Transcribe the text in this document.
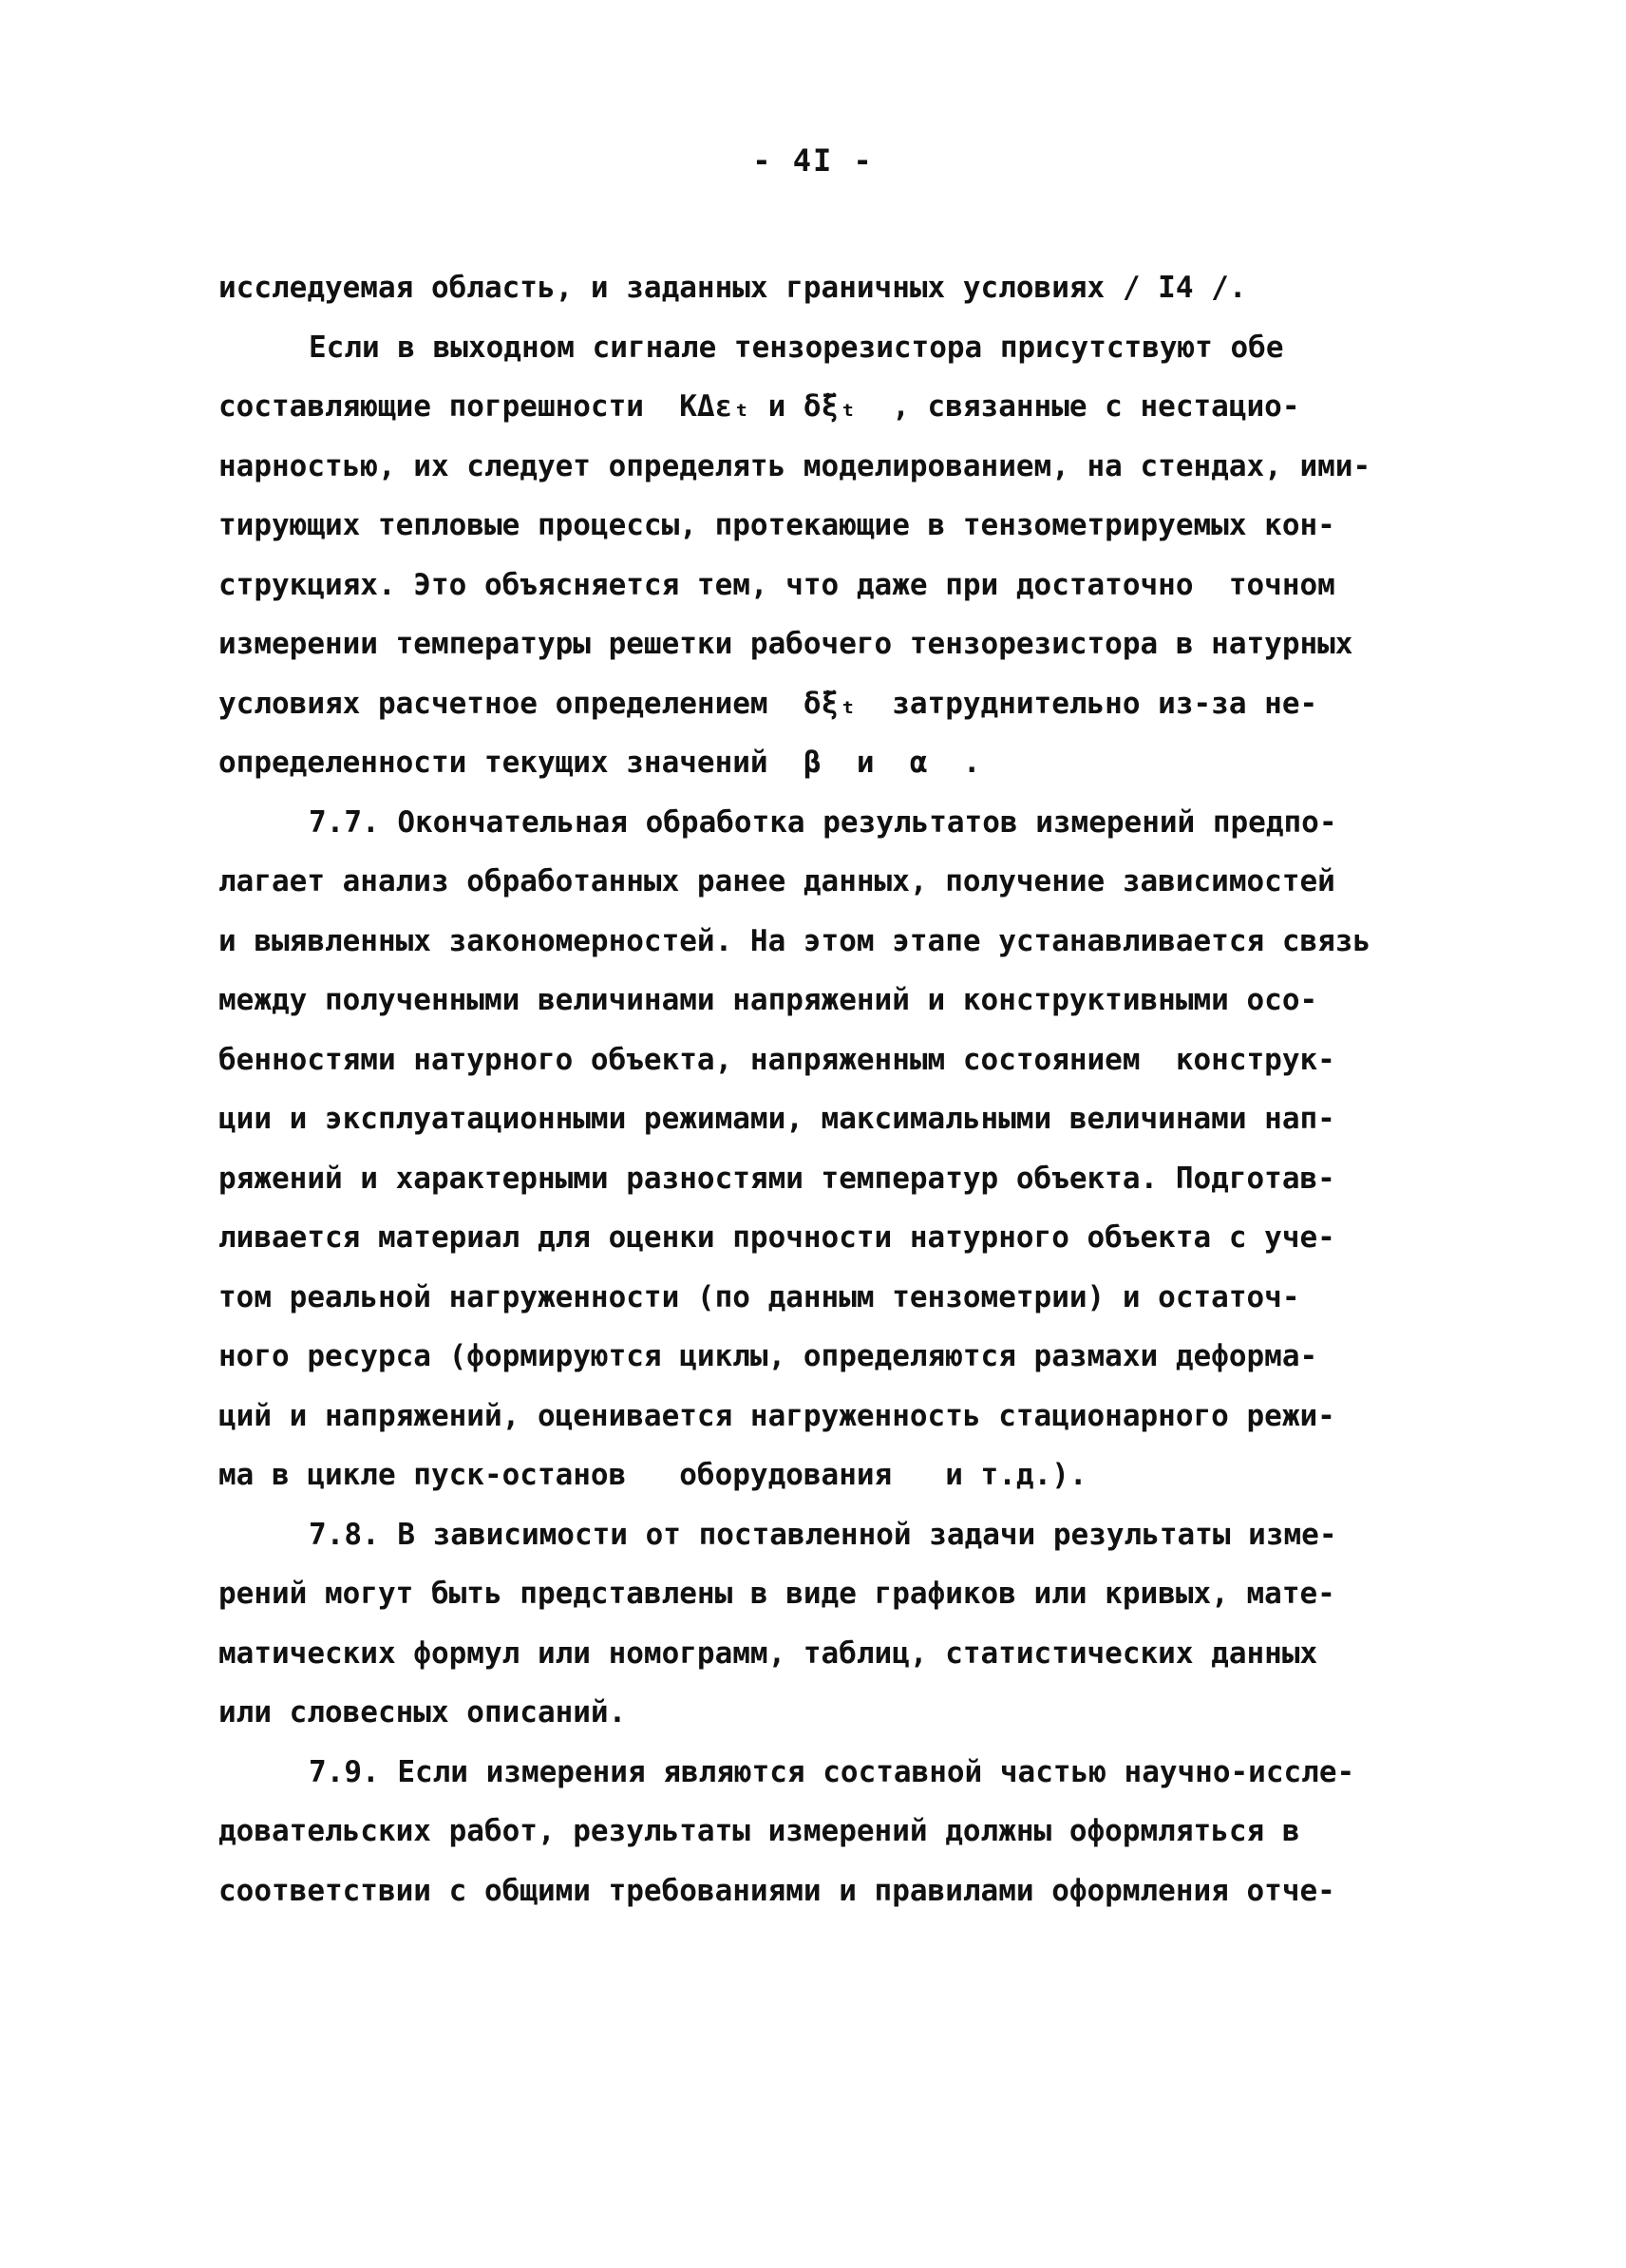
- 4I -
исследуемая область, и заданных граничных условиях / I4 /.
Если в выходном сигнале тензорезистора присутствуют обе
составляющие погрешности  KΔεₜ и δ̃ξₜ  , связанные с нестацио-
нарностью, их следует определять моделированием, на стендах, ими-
тирующих тепловые процессы, протекающие в тензометрируемых кон-
струкциях. Это объясняется тем, что даже при достаточно  точном
измерении температуры решетки рабочего тензорезистора в натурных
условиях расчетное определением  δ̃ξₜ  затруднительно из-за не-
определенности текущих значений  β  и  α  .
7.7. Окончательная обработка результатов измерений предпо-
лагает анализ обработанных ранее данных, получение зависимостей
и выявленных закономерностей. На этом этапе устанавливается связь
между полученными величинами напряжений и конструктивными осо-
бенностями натурного объекта, напряженным состоянием  конструк-
ции и эксплуатационными режимами, максимальными величинами нап-
ряжений и характерными разностями температур объекта. Подготав-
ливается материал для оценки прочности натурного объекта с уче-
том реальной нагруженности (по данным тензометрии) и остаточ-
ного ресурса (формируются циклы, определяются размахи деформа-
ций и напряжений, оценивается нагруженность стационарного режи-
ма в цикле пуск-останов   оборудования   и т.д.).
7.8. В зависимости от поставленной задачи результаты изме-
рений могут быть представлены в виде графиков или кривых, мате-
матических формул или номограмм, таблиц, статистических данных
или словесных описаний.
7.9. Если измерения являются составной частью научно-иссле-
довательских работ, результаты измерений должны оформляться в
соответствии с общими требованиями и правилами оформления отче-
